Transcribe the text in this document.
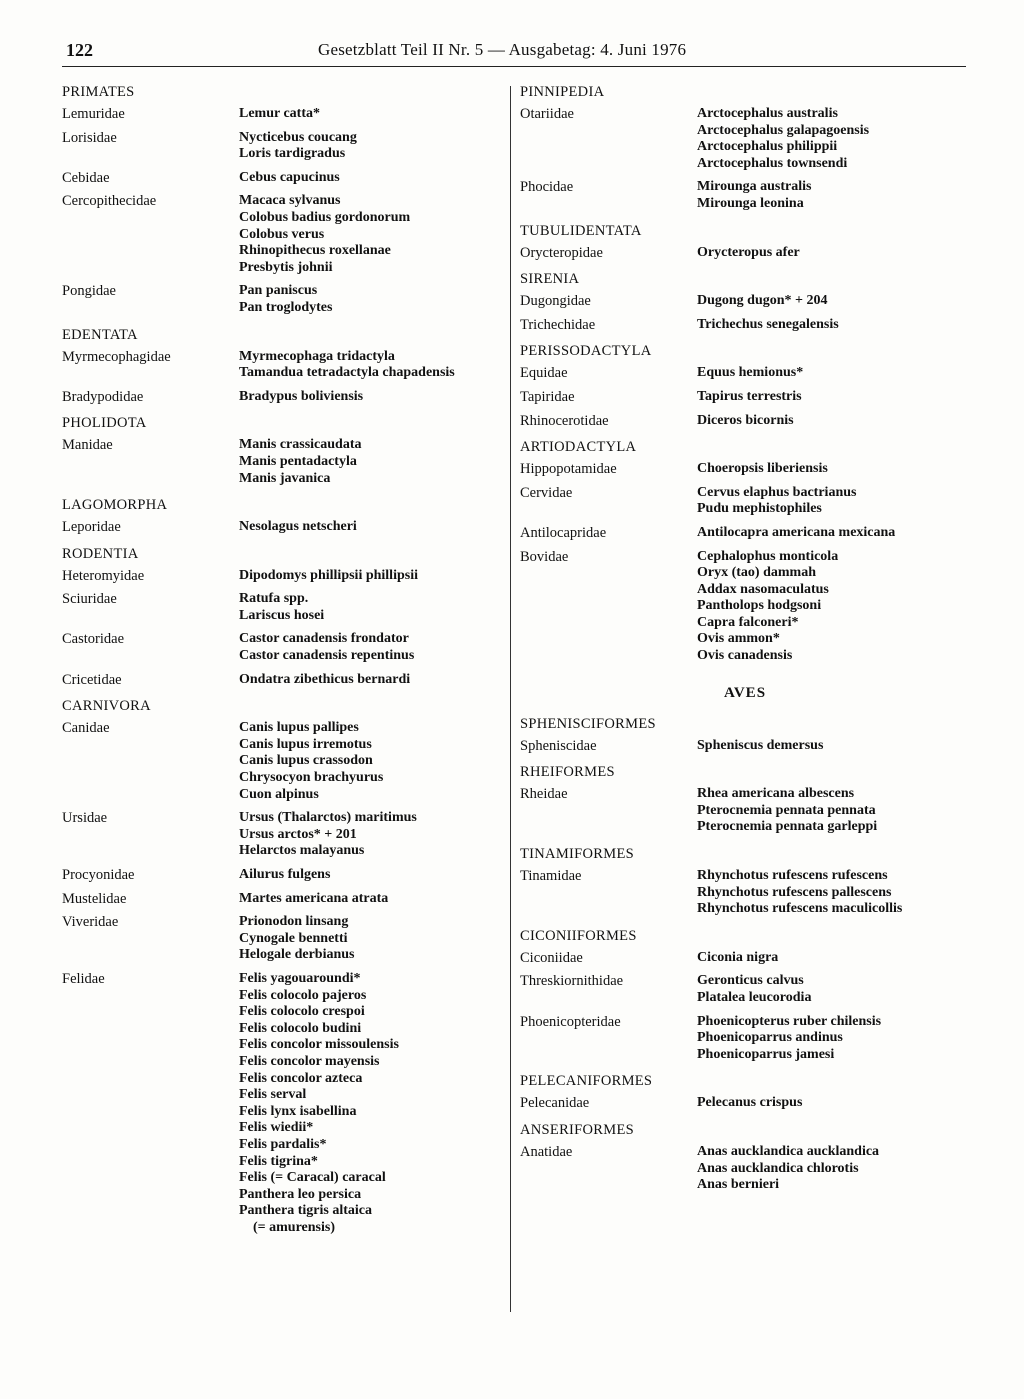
122	Gesetzblatt Teil II Nr. 5 — Ausgabetag: 4. Juni 1976
PRIMATES
Lemuridae	Lemur catta*
Lorisidae	Nycticebus coucang
Loris tardigradus
Cebidae	Cebus capucinus
Cercopithecidae	Macaca sylvanus
Colobus badius gordonorum
Colobus verus
Rhinopithecus roxellanae
Presbytis johnii
Pongidae	Pan paniscus
Pan troglodytes
EDENTATA
Myrmecophagidae	Myrmecophaga tridactyla
Tamandua tetradactyla chapadensis
Bradypodidae	Bradypus boliviensis
PHOLIDOTA
Manidae	Manis crassicaudata
Manis pentadactyla
Manis javanica
LAGOMORPHA
Leporidae	Nesolagus netscheri
RODENTIA
Heteromyidae	Dipodomys phillipsii phillipsii
Sciuridae	Ratufa spp.
Lariscus hosei
Castoridae	Castor canadensis frondator
Castor canadensis repentinus
Cricetidae	Ondatra zibethicus bernardi
CARNIVORA
Canidae	Canis lupus pallipes
Canis lupus irremotus
Canis lupus crassodon
Chrysocyon brachyurus
Cuon alpinus
Ursidae	Ursus (Thalarctos) maritimus
Ursus arctos* + 201
Helarctos malayanus
Procyonidae	Ailurus fulgens
Mustelidae	Martes americana atrata
Viveridae	Prionodon linsang
Cynogale bennetti
Helogale derbianus
Felidae	Felis yagouaroundi*
Felis colocolo pajeros
Felis colocolo crespoi
Felis colocolo budini
Felis concolor missoulensis
Felis concolor mayensis
Felis concolor azteca
Felis serval
Felis lynx isabellina
Felis wiedii*
Felis pardalis*
Felis tigrina*
Felis (= Caracal) caracal
Panthera leo persica
Panthera tigris altaica
(= amurensis)
PINNIPEDIA
Otariidae	Arctocephalus australis
Arctocephalus galapagoensis
Arctocephalus philippii
Arctocephalus townsendi
Phocidae	Mirounga australis
Mirounga leonina
TUBULIDENTATA
Orycteropidae	Orycteropus afer
SIRENIA
Dugongidae	Dugong dugon* + 204
Trichechidae	Trichechus senegalensis
PERISSODACTYLA
Equidae	Equus hemionus*
Tapiridae	Tapirus terrestris
Rhinocerotidae	Diceros bicornis
ARTIODACTYLA
Hippopotamidae	Choeropsis liberiensis
Cervidae	Cervus elaphus bactrianus
Pudu mephistophiles
Antilocapridae	Antilocapra americana mexicana
Bovidae	Cephalophus monticola
Oryx (tao) dammah
Addax nasomaculatus
Pantholops hodgsoni
Capra falconeri*
Ovis ammon*
Ovis canadensis
AVES
SPHENISCIFORMES
Spheniscidae	Spheniscus demersus
RHEIFORMES
Rheidae	Rhea americana albescens
Pterocnemia pennata pennata
Pterocnemia pennata garleppi
TINAMIFORMES
Tinamidae	Rhynchotus rufescens rufescens
Rhynchotus rufescens pallescens
Rhynchotus rufescens maculicollis
CICONIIFORMES
Ciconiidae	Ciconia nigra
Threskiornithidae	Geronticus calvus
Platalea leucorodia
Phoenicopteridae	Phoenicopterus ruber chilensis
Phoenicoparrus andinus
Phoenicoparrus jamesi
PELECANIFORMES
Pelecanidae	Pelecanus crispus
ANSERIFORMES
Anatidae	Anas aucklandica aucklandica
Anas aucklandica chlorotis
Anas bernieri
